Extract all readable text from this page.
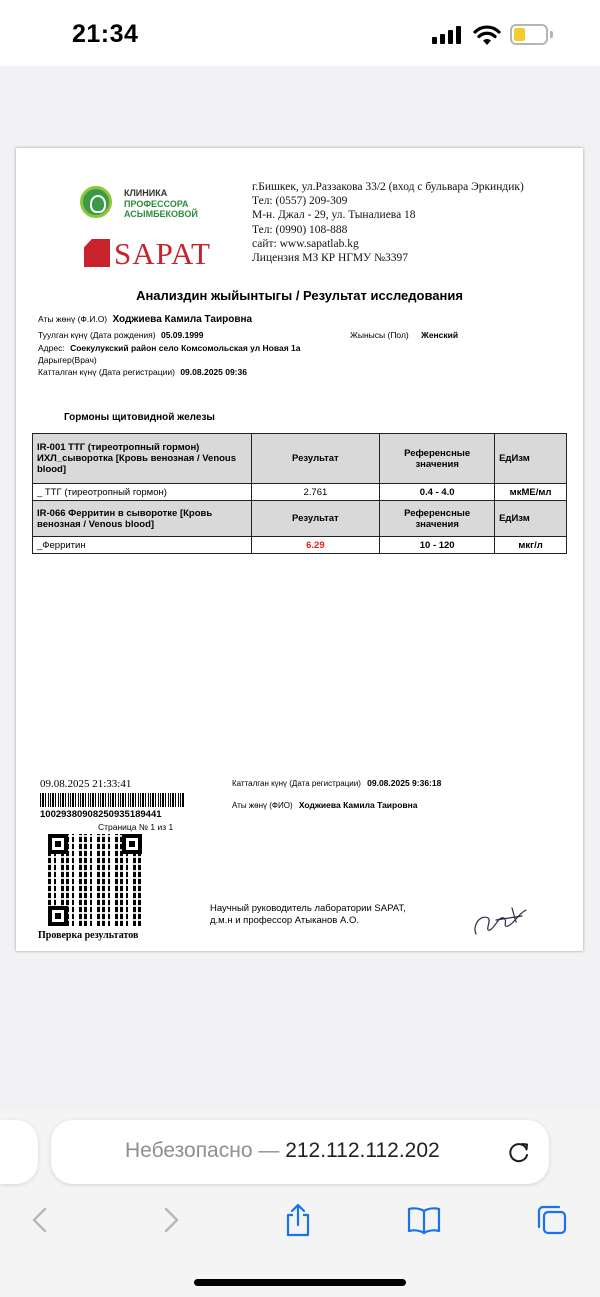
21:34
КЛИНИКА
ПРОФЕССОРА
АСЫМБЕКОВОЙ
SAPAT
г.Бишкек, ул.Раззакова 33/2 (вход с бульвара Эркиндик)
Тел: (0557) 209-309
М-н. Джал - 29, ул. Тыналиева 18
Тел: (0990) 108-888
сайт: www.sapatlab.kg
Лицензия МЗ КР НГМУ №3397
Анализдин жыйынтыгы / Результат исследования
Аты жөнү (Ф.И.О) Ходжиева Камила Таировна
Туулган күнү (Дата рождения) 05.09.1999	Жынысы (Пол) Женский
Адрес: Соекулукский район село Комсомольская ул Новая 1а
Дарыгер(Врач)
Катталган күнү (Дата регистрации) 09.08.2025 09:36
Гормоны щитовидной железы
IR-001 ТТГ (тиреотропный гормон) ИХЛ_сыворотка [Кровь венозная / Venous blood]	Результат	Референсные значения	ЕдИзм
_ ТТГ (тиреотропный гормон)	2.761	0.4 - 4.0	мкМЕ/мл
IR-066 Ферритин в сыворотке [Кровь венозная / Venous blood]	Результат	Референсные значения	ЕдИзм
_Ферритин	6.29	10 - 120	мкг/л
09.08.2025 21:33:41
1002938090825093518944​1
Страница № 1 из 1
Проверка результатов
Катталган күнү (Дата регистрации) 09.08.2025 9:36:18
Аты жөнү (ФИО) Ходжиева Камила Таировна
Научный руководитель лаборатории SAPAT,
д.м.н и профессор Атыканов А.О.
Небезопасно — 212.112.112.202
